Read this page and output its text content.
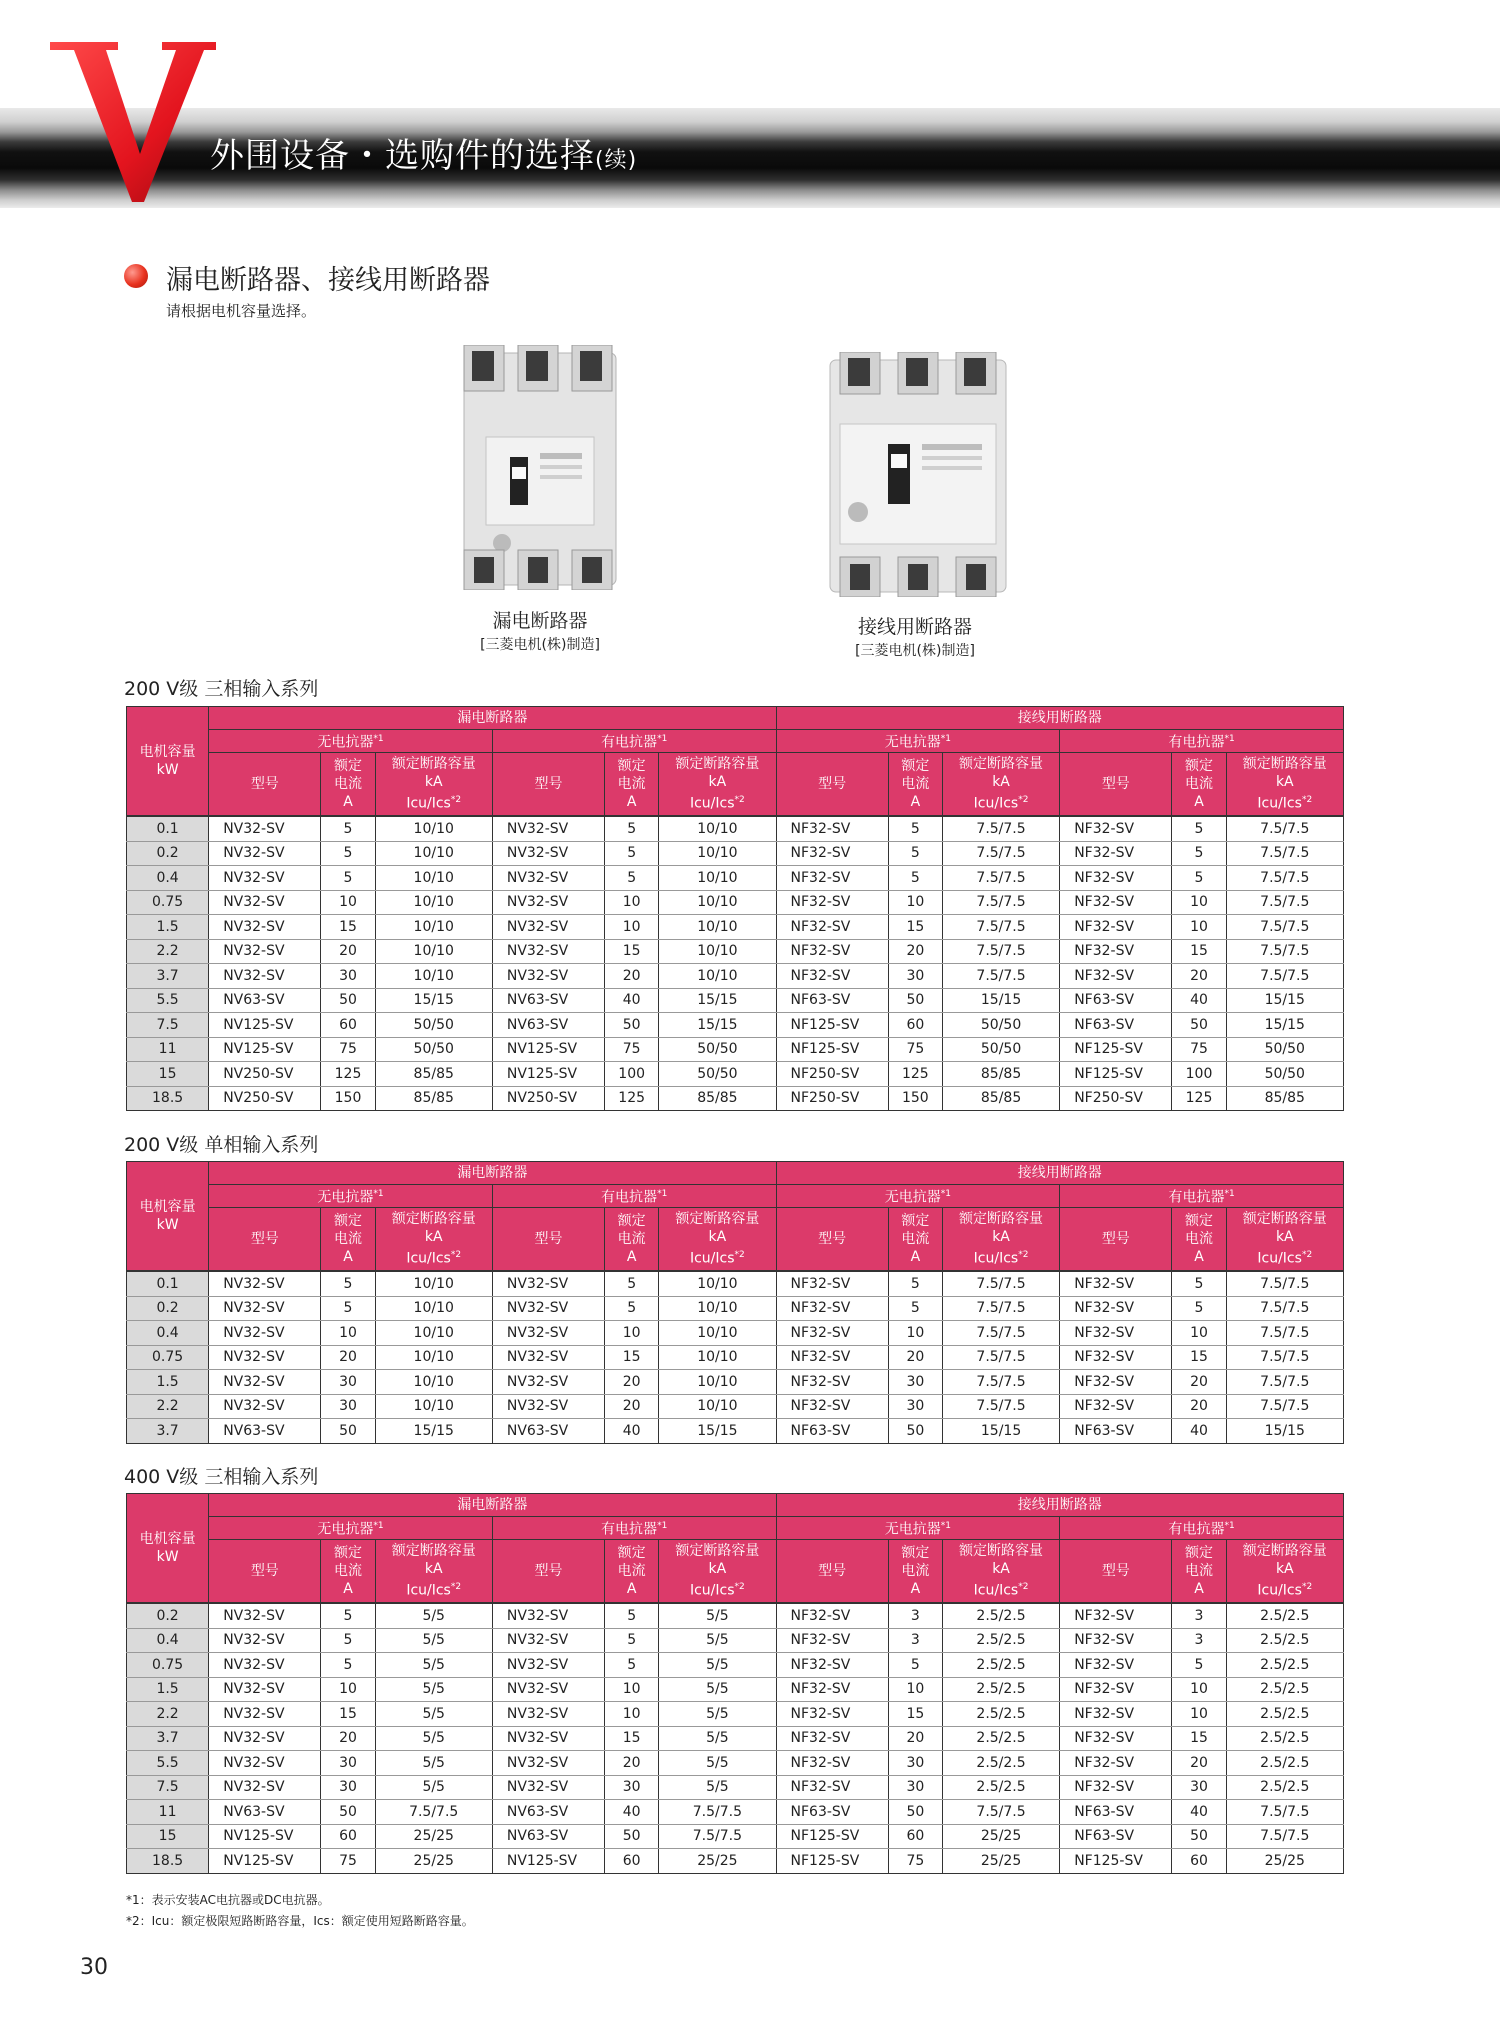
外围设备・选购件的选择(续)
漏电断路器、接线用断路器
请根据电机容量选择。
漏电断路器
[三菱电机(株)制造]
接线用断路器
[三菱电机(株)制造]
200 V级 三相输入系列
200 V级 单相输入系列
400 V级 三相输入系列
电机容量
kW	漏电断路器						接线用断路器					
	无电抗器$^{*1}$			有电抗器$^{*1}$			无电抗器$^{*1}$			有电抗器$^{*1}$
	型号	额定
电流
A	额定断路容量
kA
Icu/Ics$^{*2}$	型号	额定
电流
A	额定断路容量
kA
Icu/Ics$^{*2}$	型号	额定
电流
A	额定断路容量
kA
Icu/Ics$^{*2}$	型号	额定
电流
A	额定断路容量
kA
Icu/Ics$^{*2}$
0.1	NV32-SV	5	10/10	NV32-SV	5	10/10	NF32-SV	5	7.5/7.5	NF32-SV	5	7.5/7.5
0.2	NV32-SV	5	10/10	NV32-SV	5	10/10	NF32-SV	5	7.5/7.5	NF32-SV	5	7.5/7.5
0.4	NV32-SV	5	10/10	NV32-SV	5	10/10	NF32-SV	5	7.5/7.5	NF32-SV	5	7.5/7.5
0.75	NV32-SV	10	10/10	NV32-SV	10	10/10	NF32-SV	10	7.5/7.5	NF32-SV	10	7.5/7.5
1.5	NV32-SV	15	10/10	NV32-SV	10	10/10	NF32-SV	15	7.5/7.5	NF32-SV	10	7.5/7.5
2.2	NV32-SV	20	10/10	NV32-SV	15	10/10	NF32-SV	20	7.5/7.5	NF32-SV	15	7.5/7.5
3.7	NV32-SV	30	10/10	NV32-SV	20	10/10	NF32-SV	30	7.5/7.5	NF32-SV	20	7.5/7.5
5.5	NV63-SV	50	15/15	NV63-SV	40	15/15	NF63-SV	50	15/15	NF63-SV	40	15/15
7.5	NV125-SV	60	50/50	NV63-SV	50	15/15	NF125-SV	60	50/50	NF63-SV	50	15/15
11	NV125-SV	75	50/50	NV125-SV	75	50/50	NF125-SV	75	50/50	NF125-SV	75	50/50
15	NV250-SV	125	85/85	NV125-SV	100	50/50	NF250-SV	125	85/85	NF125-SV	100	50/50
18.5	NV250-SV	150	85/85	NV250-SV	125	85/85	NF250-SV	150	85/85	NF250-SV	125	85/85
电机容量
kW	漏电断路器						接线用断路器					
	无电抗器$^{*1}$			有电抗器$^{*1}$			无电抗器$^{*1}$			有电抗器$^{*1}$
	型号	额定
电流
A	额定断路容量
kA
Icu/Ics$^{*2}$	型号	额定
电流
A	额定断路容量
kA
Icu/Ics$^{*2}$	型号	额定
电流
A	额定断路容量
kA
Icu/Ics$^{*2}$	型号	额定
电流
A	额定断路容量
kA
Icu/Ics$^{*2}$
0.1	NV32-SV	5	10/10	NV32-SV	5	10/10	NF32-SV	5	7.5/7.5	NF32-SV	5	7.5/7.5
0.2	NV32-SV	5	10/10	NV32-SV	5	10/10	NF32-SV	5	7.5/7.5	NF32-SV	5	7.5/7.5
0.4	NV32-SV	10	10/10	NV32-SV	10	10/10	NF32-SV	10	7.5/7.5	NF32-SV	10	7.5/7.5
0.75	NV32-SV	20	10/10	NV32-SV	15	10/10	NF32-SV	20	7.5/7.5	NF32-SV	15	7.5/7.5
1.5	NV32-SV	30	10/10	NV32-SV	20	10/10	NF32-SV	30	7.5/7.5	NF32-SV	20	7.5/7.5
2.2	NV32-SV	30	10/10	NV32-SV	20	10/10	NF32-SV	30	7.5/7.5	NF32-SV	20	7.5/7.5
3.7	NV63-SV	50	15/15	NV63-SV	40	15/15	NF63-SV	50	15/15	NF63-SV	40	15/15
电机容量
kW	漏电断路器						接线用断路器					
	无电抗器$^{*1}$			有电抗器$^{*1}$			无电抗器$^{*1}$			有电抗器$^{*1}$
	型号	额定
电流
A	额定断路容量
kA
Icu/Ics$^{*2}$	型号	额定
电流
A	额定断路容量
kA
Icu/Ics$^{*2}$	型号	额定
电流
A	额定断路容量
kA
Icu/Ics$^{*2}$	型号	额定
电流
A	额定断路容量
kA
Icu/Ics$^{*2}$
0.2	NV32-SV	5	5/5	NV32-SV	5	5/5	NF32-SV	3	2.5/2.5	NF32-SV	3	2.5/2.5
0.4	NV32-SV	5	5/5	NV32-SV	5	5/5	NF32-SV	3	2.5/2.5	NF32-SV	3	2.5/2.5
0.75	NV32-SV	5	5/5	NV32-SV	5	5/5	NF32-SV	5	2.5/2.5	NF32-SV	5	2.5/2.5
1.5	NV32-SV	10	5/5	NV32-SV	10	5/5	NF32-SV	10	2.5/2.5	NF32-SV	10	2.5/2.5
2.2	NV32-SV	15	5/5	NV32-SV	10	5/5	NF32-SV	15	2.5/2.5	NF32-SV	10	2.5/2.5
3.7	NV32-SV	20	5/5	NV32-SV	15	5/5	NF32-SV	20	2.5/2.5	NF32-SV	15	2.5/2.5
5.5	NV32-SV	30	5/5	NV32-SV	20	5/5	NF32-SV	30	2.5/2.5	NF32-SV	20	2.5/2.5
7.5	NV32-SV	30	5/5	NV32-SV	30	5/5	NF32-SV	30	2.5/2.5	NF32-SV	30	2.5/2.5
11	NV63-SV	50	7.5/7.5	NV63-SV	40	7.5/7.5	NF63-SV	50	7.5/7.5	NF63-SV	40	7.5/7.5
15	NV125-SV	60	25/25	NV63-SV	50	7.5/7.5	NF125-SV	60	25/25	NF63-SV	50	7.5/7.5
18.5	NV125-SV	75	25/25	NV125-SV	60	25/25	NF125-SV	75	25/25	NF125-SV	60	25/25
*1：表示安装AC电抗器或DC电抗器。
*2：Icu：额定极限短路断路容量，Ics：额定使用短路断路容量。
30
